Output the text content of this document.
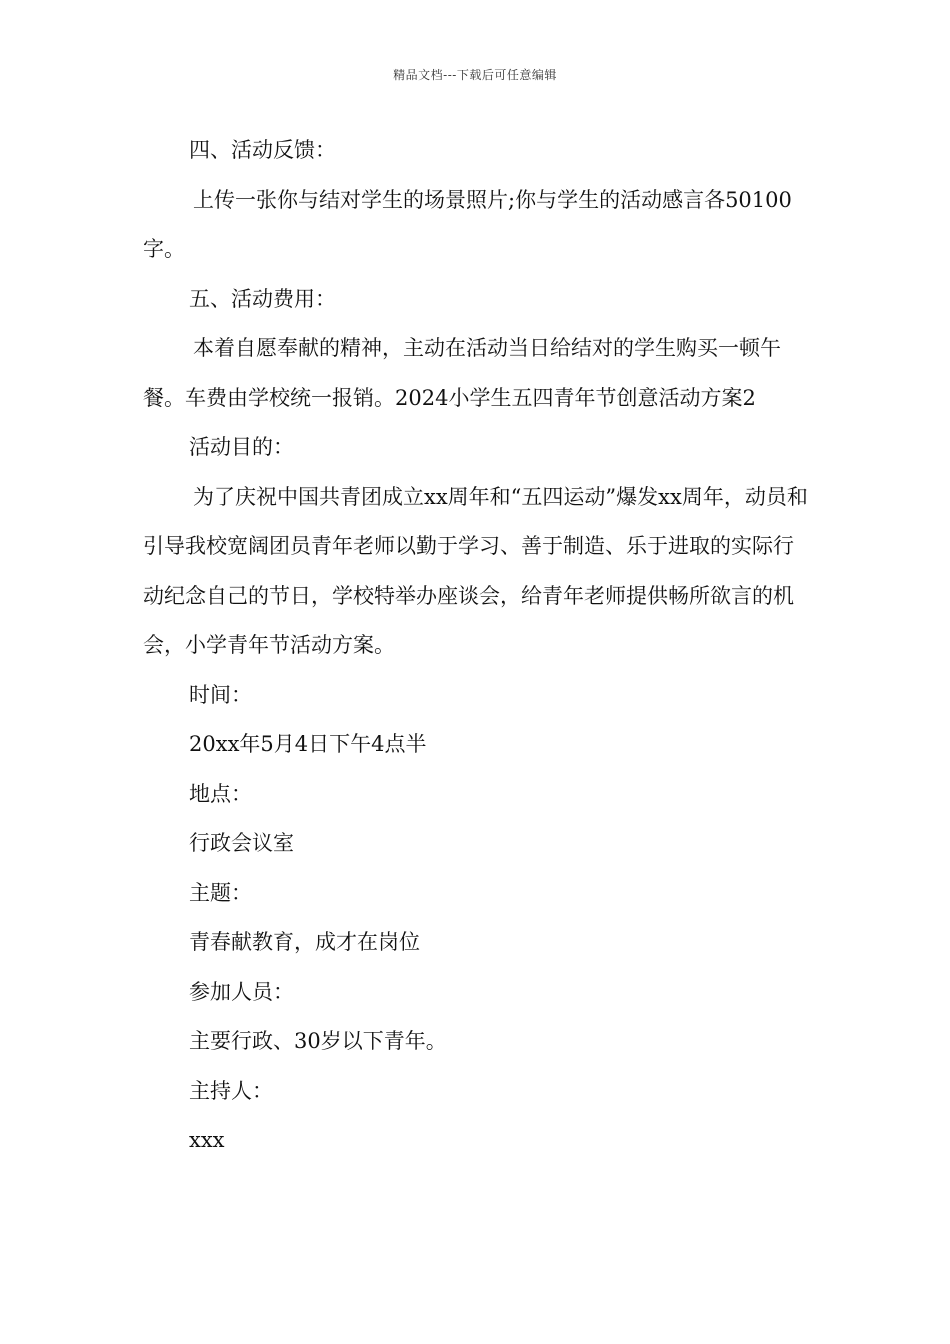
精品文档---下载后可任意编辑

四、活动反馈：

上传一张你与结对学生的场景照片;你与学生的活动感言各50100字。

五、活动费用：

本着自愿奉献的精神，主动在活动当日给结对的学生购买一顿午餐。车费由学校统一报销。2024小学生五四青年节创意活动方案2

活动目的：

为了庆祝中国共青团成立xx周年和“五四运动”爆发xx周年，动员和引导我校宽阔团员青年老师以勤于学习、善于制造、乐于进取的实际行动纪念自己的节日，学校特举办座谈会，给青年老师提供畅所欲言的机会，小学青年节活动方案。

时间：

20xx年5月4日下午4点半

地点：

行政会议室

主题：

青春献教育，成才在岗位

参加人员：

主要行政、30岁以下青年。

主持人：

xxx
